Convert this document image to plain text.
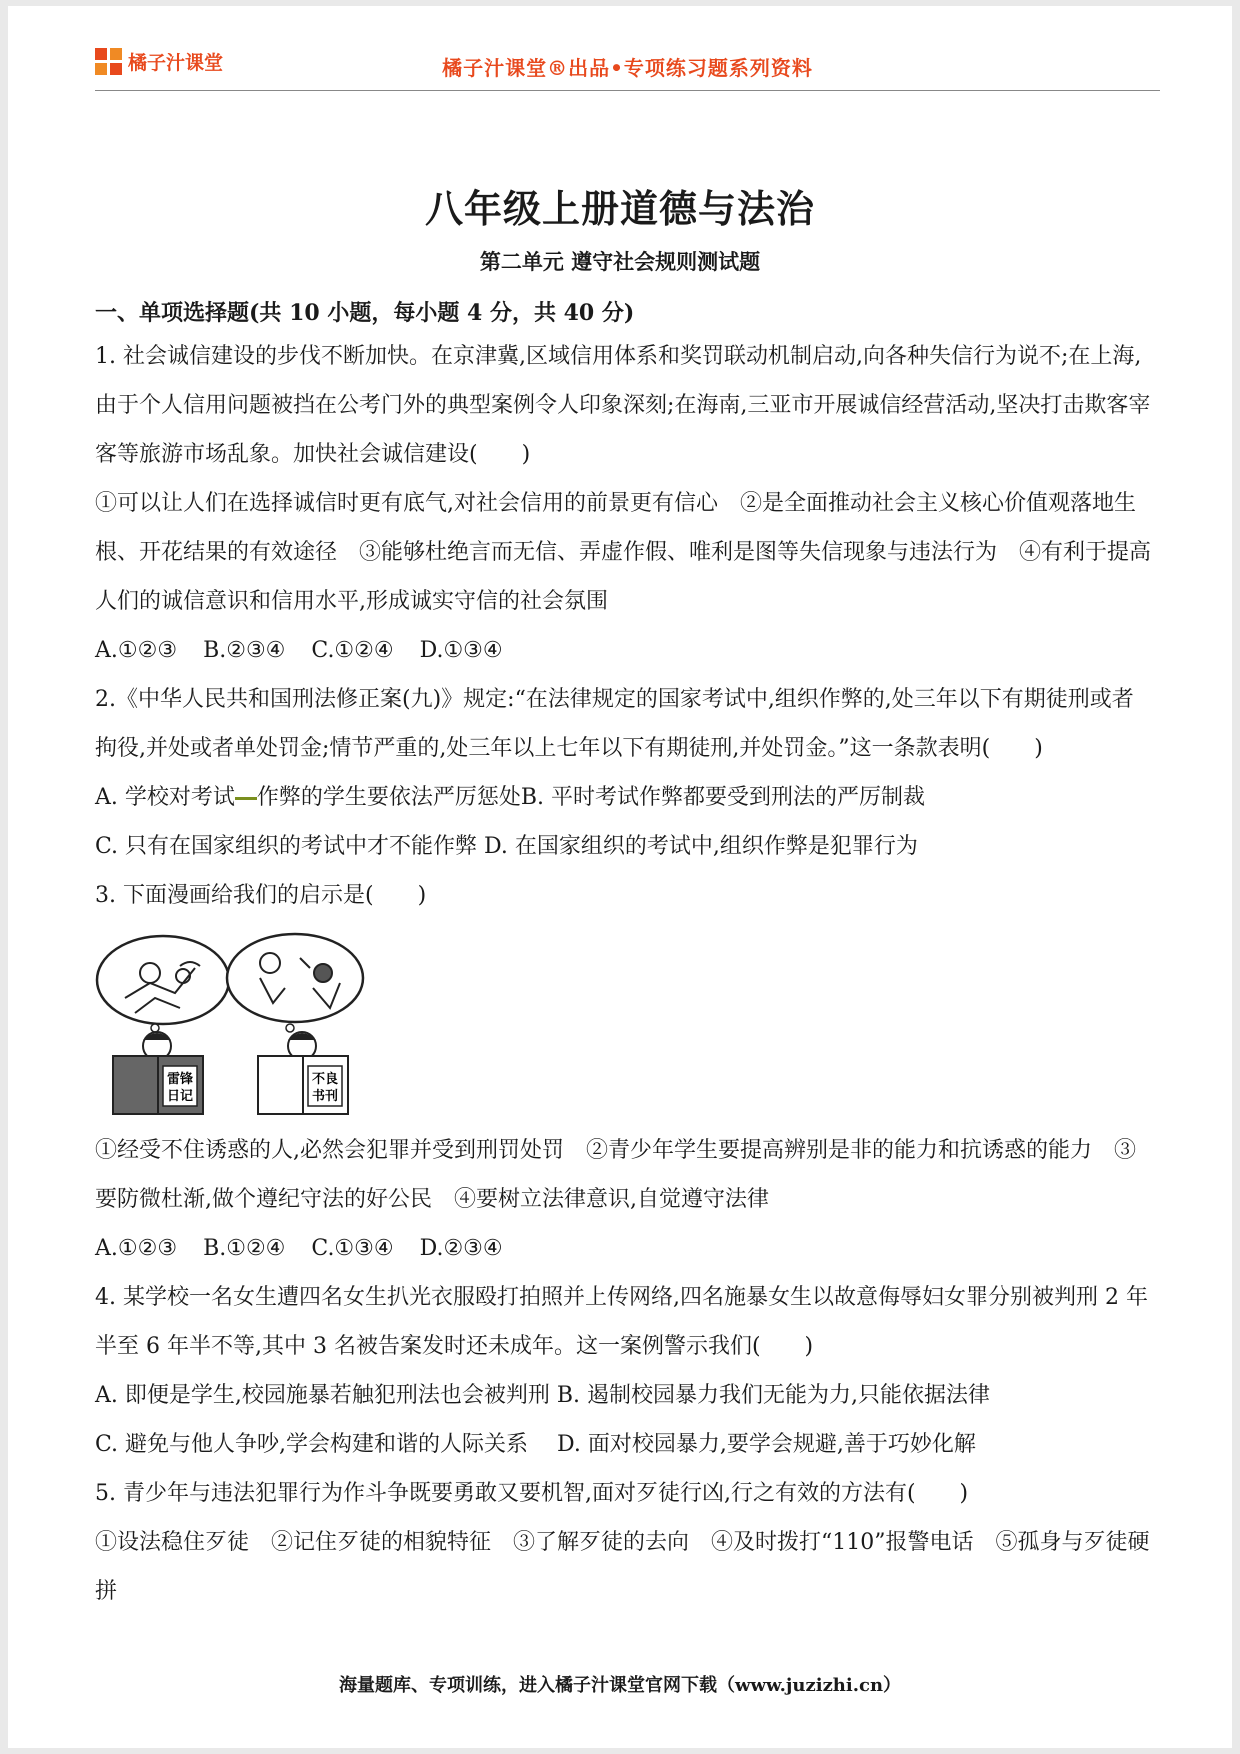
橘子汁课堂	橘子汁课堂®出品•专项练习题系列资料
八年级上册道德与法治
第二单元 遵守社会规则测试题
一、单项选择题(共 10 小题，每小题 4 分，共 40 分)

1. 社会诚信建设的步伐不断加快。在京津冀,区域信用体系和奖罚联动机制启动,向各种失信行为说不;在上海,由于个人信用问题被挡在公考门外的典型案例令人印象深刻;在海南,三亚市开展诚信经营活动,坚决打击欺客宰客等旅游市场乱象。加快社会诚信建设(　　)

①可以让人们在选择诚信时更有底气,对社会信用的前景更有信心　②是全面推动社会主义核心价值观落地生根、开花结果的有效途径　③能够杜绝言而无信、弄虚作假、唯利是图等失信现象与违法行为　④有利于提高人们的诚信意识和信用水平,形成诚实守信的社会氛围

A.①②③ B.②③④ C.①②④ D.①③④

2.《中华人民共和国刑法修正案(九)》规定:“在法律规定的国家考试中,组织作弊的,处三年以下有期徒刑或者拘役,并处或者单处罚金;情节严重的,处三年以上七年以下有期徒刑,并处罚金。”这一条款表明(　　)

A. 学校对考试 作弊的学生要依法严厉惩处B. 平时考试作弊都要受到刑法的严厉制裁

C. 只有在国家组织的考试中才不能作弊 D. 在国家组织的考试中,组织作弊是犯罪行为

3. 下面漫画给我们的启示是(　　)

雷锋
日记
不良
书刊

①经受不住诱惑的人,必然会犯罪并受到刑罚处罚　②青少年学生要提高辨别是非的能力和抗诱惑的能力　③要防微杜渐,做个遵纪守法的好公民　④要树立法律意识,自觉遵守法律

A.①②③ B.①②④ C.①③④ D.②③④

4. 某学校一名女生遭四名女生扒光衣服殴打拍照并上传网络,四名施暴女生以故意侮辱妇女罪分别被判刑 2 年半至 6 年半不等,其中 3 名被告案发时还未成年。这一案例警示我们(　　)

A. 即便是学生,校园施暴若触犯刑法也会被判刑 B. 遏制校园暴力我们无能为力,只能依据法律

C. 避免与他人争吵,学会构建和谐的人际关系 D. 面对校园暴力,要学会规避,善于巧妙化解

5. 青少年与违法犯罪行为作斗争既要勇敢又要机智,面对歹徒行凶,行之有效的方法有(　　)

①设法稳住歹徒　②记住歹徒的相貌特征　③了解歹徒的去向　④及时拨打“110”报警电话　⑤孤身与歹徒硬拼

海量题库、专项训练，进入橘子汁课堂官网下载（www.juzizhi.cn）
